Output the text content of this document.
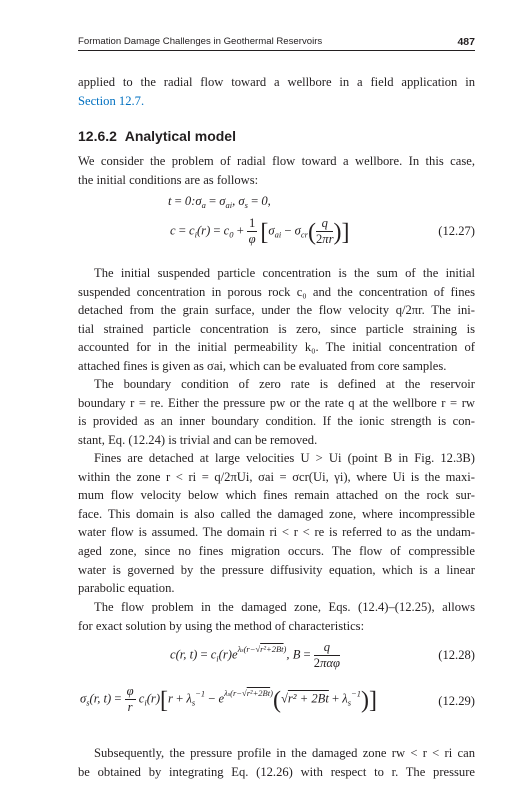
Formation Damage Challenges in Geothermal Reservoirs	487
applied to the radial flow toward a wellbore in a field application in
Section 12.7.
12.6.2 Analytical model
We consider the problem of radial flow toward a wellbore. In this case,
the initial conditions are as follows:
$t = 0:\sigma_a = \sigma_{ai}$, $\sigma_s = 0$,
$c = c_i(r) = c_0 + \frac{1}{\varphi} [\sigma_{ai} - \sigma_{cr}( \frac{q}{2\pi r}$ )]	(12.27)
The initial suspended particle concentration is the sum of the initial
suspended concentration in porous rock c₀ and the concentration of fines
detached from the grain surface, under the flow velocity q/2πr. The ini-
tial strained particle concentration is zero, since particle straining is
accounted for in the initial permeability k₀. The initial concentration of
attached fines is given as σai, which can be evaluated from core samples.
The boundary condition of zero rate is defined at the reservoir
boundary r = re. Either the pressure pw or the rate q at the wellbore r = rw
is provided as an inner boundary condition. If the ionic strength is con-
stant, Eq. (12.24) is trivial and can be removed.
Fines are detached at large velocities U > Ui (point B in Fig. 12.3B)
within the zone r < ri = q/2πUi, σai = σcr(Ui, γi), where Ui is the maxi-
mum flow velocity below which fines remain attached on the rock sur-
face. This domain is also called the damaged zone, where incompressible
water flow is assumed. The domain ri < r < re is referred to as the undam-
aged zone, since no fines migration occurs. The flow of compressible
water is governed by the pressure diffusivity equation, which is a linear
parabolic equation.
The flow problem in the damaged zone, Eqs. (12.4)–(12.25), allows
for exact solution by using the method of characteristics:
c(r, $t) = c_i(r)e^{\lambda s(r-√r^2+2Bt)}$, $B = \frac{q}{\text{2παφ}}$	(12.28)
$\sigma_s(r$, $t) = \frac{\varphi}{r} c_i(r)[r + \lambda_s^{-1} - e^{\lambda s(r-√r^2+2Bt)}(√r^2 + 2Bt + \lambda_s^{-1})]$	(12.29)
Subsequently, the pressure profile in the damaged zone rw < r < ri can
be obtained by integrating Eq. (12.26) with respect to r. The pressure
